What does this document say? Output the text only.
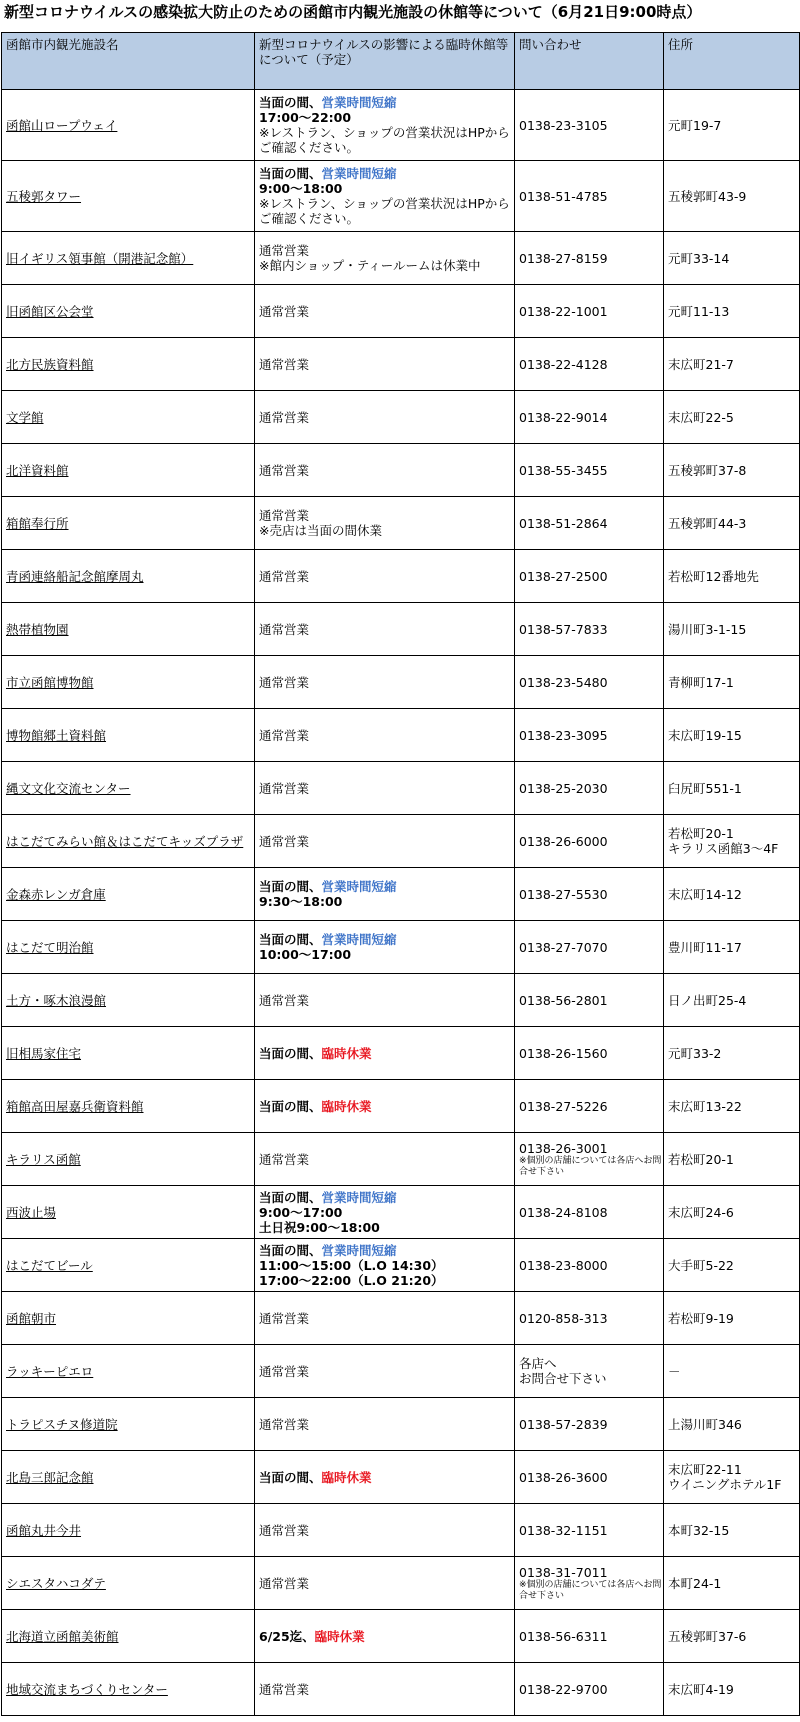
新型コロナウイルスの感染拡大防止のための函館市内観光施設の休館等について（6月21日9:00時点）
函館市内観光施設名	新型コロナウイルスの影響による臨時休館等について（予定）	問い合わせ	住所
函館山ロープウェイ	当面の間、営業時間短縮
17:00～22:00
※レストラン、ショップの営業状況はHPからご確認ください。	0138-23-3105	元町19-7

五稜郭タワー	当面の間、営業時間短縮
9:00～18:00
※レストラン、ショップの営業状況はHPからご確認ください。	0138-51-4785	五稜郭町43-9

旧イギリス領事館（開港記念館）	通常営業
※館内ショップ・ティールームは休業中	0138-27-8159	元町33-14

旧函館区公会堂	通常営業	0138-22-1001	元町11-13

北方民族資料館	通常営業	0138-22-4128	末広町21-7

文学館	通常営業	0138-22-9014	末広町22-5

北洋資料館	通常営業	0138-55-3455	五稜郭町37-8

箱館奉行所	通常営業
※売店は当面の間休業	0138-51-2864	五稜郭町44-3

青函連絡船記念館摩周丸	通常営業	0138-27-2500	若松町12番地先

熱帯植物園	通常営業	0138-57-7833	湯川町3-1-15

市立函館博物館	通常営業	0138-23-5480	青柳町17-1

博物館郷土資料館	通常営業	0138-23-3095	末広町19-15

縄文文化交流センター	通常営業	0138-25-2030	臼尻町551-1

はこだてみらい館＆はこだてキッズプラザ	通常営業	0138-26-6000	若松町20-1
キラリス函館3～4F

金森赤レンガ倉庫	当面の間、営業時間短縮
9:30～18:00	0138-27-5530	末広町14-12

はこだて明治館	当面の間、営業時間短縮
10:00～17:00	0138-27-7070	豊川町11-17

土方・啄木浪漫館	通常営業	0138-56-2801	日ノ出町25-4

旧相馬家住宅	当面の間、臨時休業	0138-26-1560	元町33-2

箱館高田屋嘉兵衛資料館	当面の間、臨時休業	0138-27-5226	末広町13-22

キラリス函館	通常営業	0138-26-3001
※個別の店舗については各店へお問合せ下さい	若松町20-1

西波止場	当面の間、営業時間短縮
9:00～17:00
土日祝9:00～18:00	0138-24-8108	末広町24-6

はこだてビール	当面の間、営業時間短縮
11:00～15:00（L.O 14:30）
17:00～22:00（L.O 21:20）	0138-23-8000	大手町5-22

函館朝市	通常営業	0120-858-313	若松町9-19

ラッキーピエロ	通常営業	各店へ
お問合せ下さい	－

トラピスチヌ修道院	通常営業	0138-57-2839	上湯川町346

北島三郎記念館	当面の間、臨時休業	0138-26-3600	末広町22-11
ウイニングホテル1F

函館丸井今井	通常営業	0138-32-1151	本町32-15

シエスタハコダテ	通常営業	0138-31-7011
※個別の店舗については各店へお問合せ下さい	本町24-1

北海道立函館美術館	6/25迄、臨時休業	0138-56-6311	五稜郭町37-6

地域交流まちづくりセンター	通常営業	0138-22-9700	末広町4-19
